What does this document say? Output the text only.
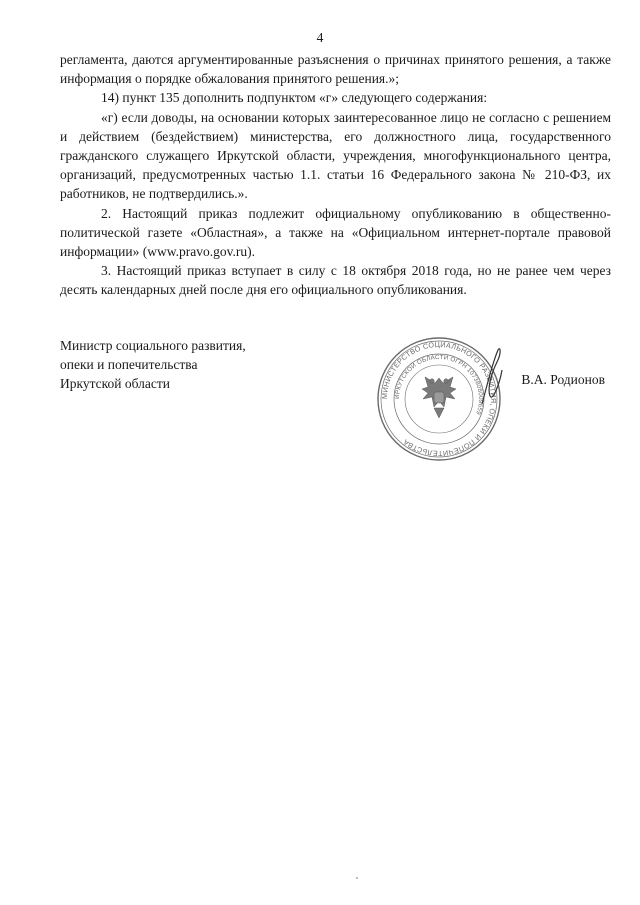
4

регламента, даются аргументированные разъяснения о причинах принятого решения, а также информация о порядке обжалования принятого решения.»;

14) пункт 135 дополнить подпунктом «г» следующего содержания:

«г) если доводы, на основании которых заинтересованное лицо не согласно с решением и действием (бездействием) министерства, его должностного лица, государственного гражданского служащего Иркутской области, учреждения, многофункционального центра, организаций, предусмотренных частью 1.1. статьи 16 Федерального закона № 210-ФЗ, их работников, не подтвердились.».

2. Настоящий приказ подлежит официальному опубликованию в общественно-политической газете «Областная», а также на «Официальном интернет-портале правовой информации» (www.pravo.gov.ru).

3. Настоящий приказ вступает в силу с 18 октября 2018 года, но не ранее чем через десять календарных дней после дня его официального опубликования.

Министр социального развития,
опеки и попечительства
Иркутской области
МИНИСТЕРСТВО СОЦИАЛЬНОГО РАЗВИТИЯ, ОПЕКИ И ПОПЕЧИТЕЛЬСТВА
ИРКУТСКОЙ ОБЛАСТИ ОГРН 1073808009659
В.А. Родионов
